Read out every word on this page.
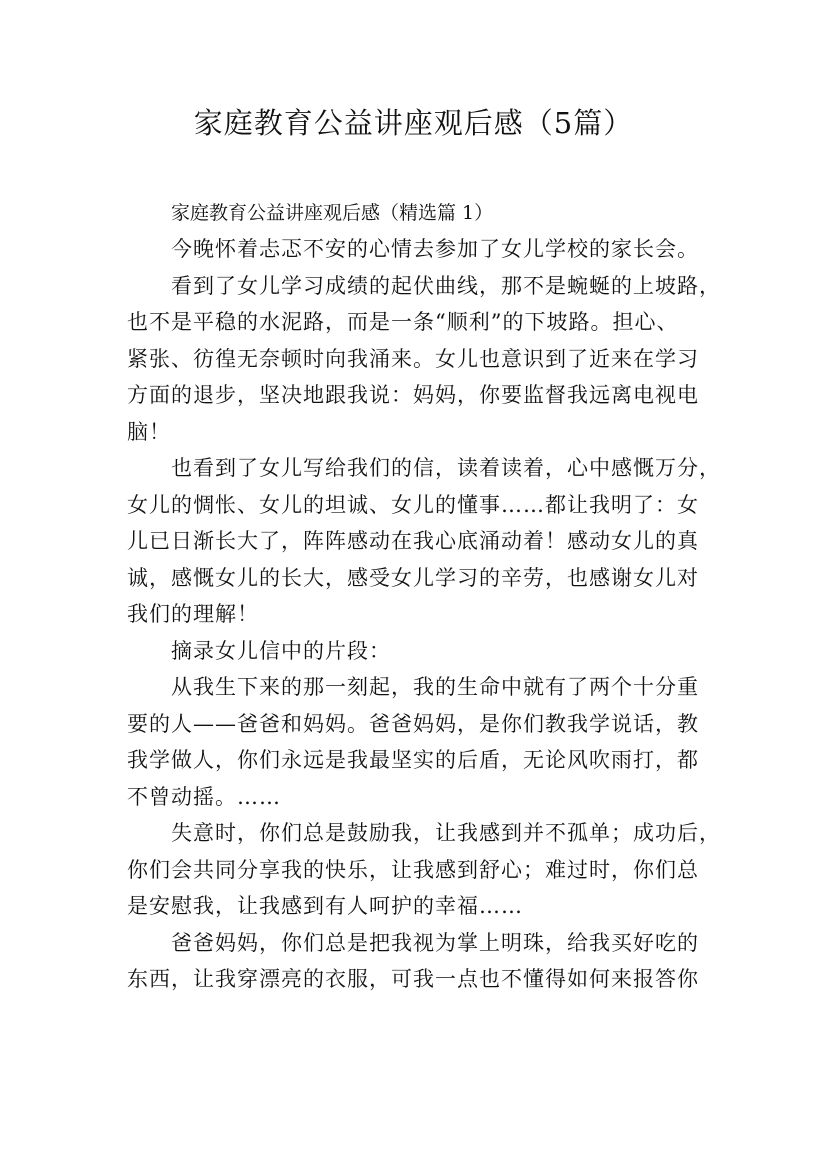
家庭教育公益讲座观后感（5篇）

家庭教育公益讲座观后感（精选篇 1）

今晚怀着忐忑不安的心情去参加了女儿学校的家长会。

看到了女儿学习成绩的起伏曲线，那不是蜿蜒的上坡路，
也不是平稳的水泥路，而是一条“顺利”的下坡路。担心、
紧张、彷徨无奈顿时向我涌来。女儿也意识到了近来在学习
方面的退步，坚决地跟我说：妈妈，你要监督我远离电视电
脑！

也看到了女儿写给我们的信，读着读着，心中感慨万分，
女儿的惆怅、女儿的坦诚、女儿的懂事……都让我明了：女
儿已日渐长大了，阵阵感动在我心底涌动着！感动女儿的真
诚，感慨女儿的长大，感受女儿学习的辛劳，也感谢女儿对
我们的理解！

摘录女儿信中的片段：

从我生下来的那一刻起，我的生命中就有了两个十分重
要的人——爸爸和妈妈。爸爸妈妈，是你们教我学说话，教
我学做人，你们永远是我最坚实的后盾，无论风吹雨打，都
不曾动摇。……

失意时，你们总是鼓励我，让我感到并不孤单；成功后，
你们会共同分享我的快乐，让我感到舒心；难过时，你们总
是安慰我，让我感到有人呵护的幸福……

爸爸妈妈，你们总是把我视为掌上明珠，给我买好吃的
东西，让我穿漂亮的衣服，可我一点也不懂得如何来报答你
